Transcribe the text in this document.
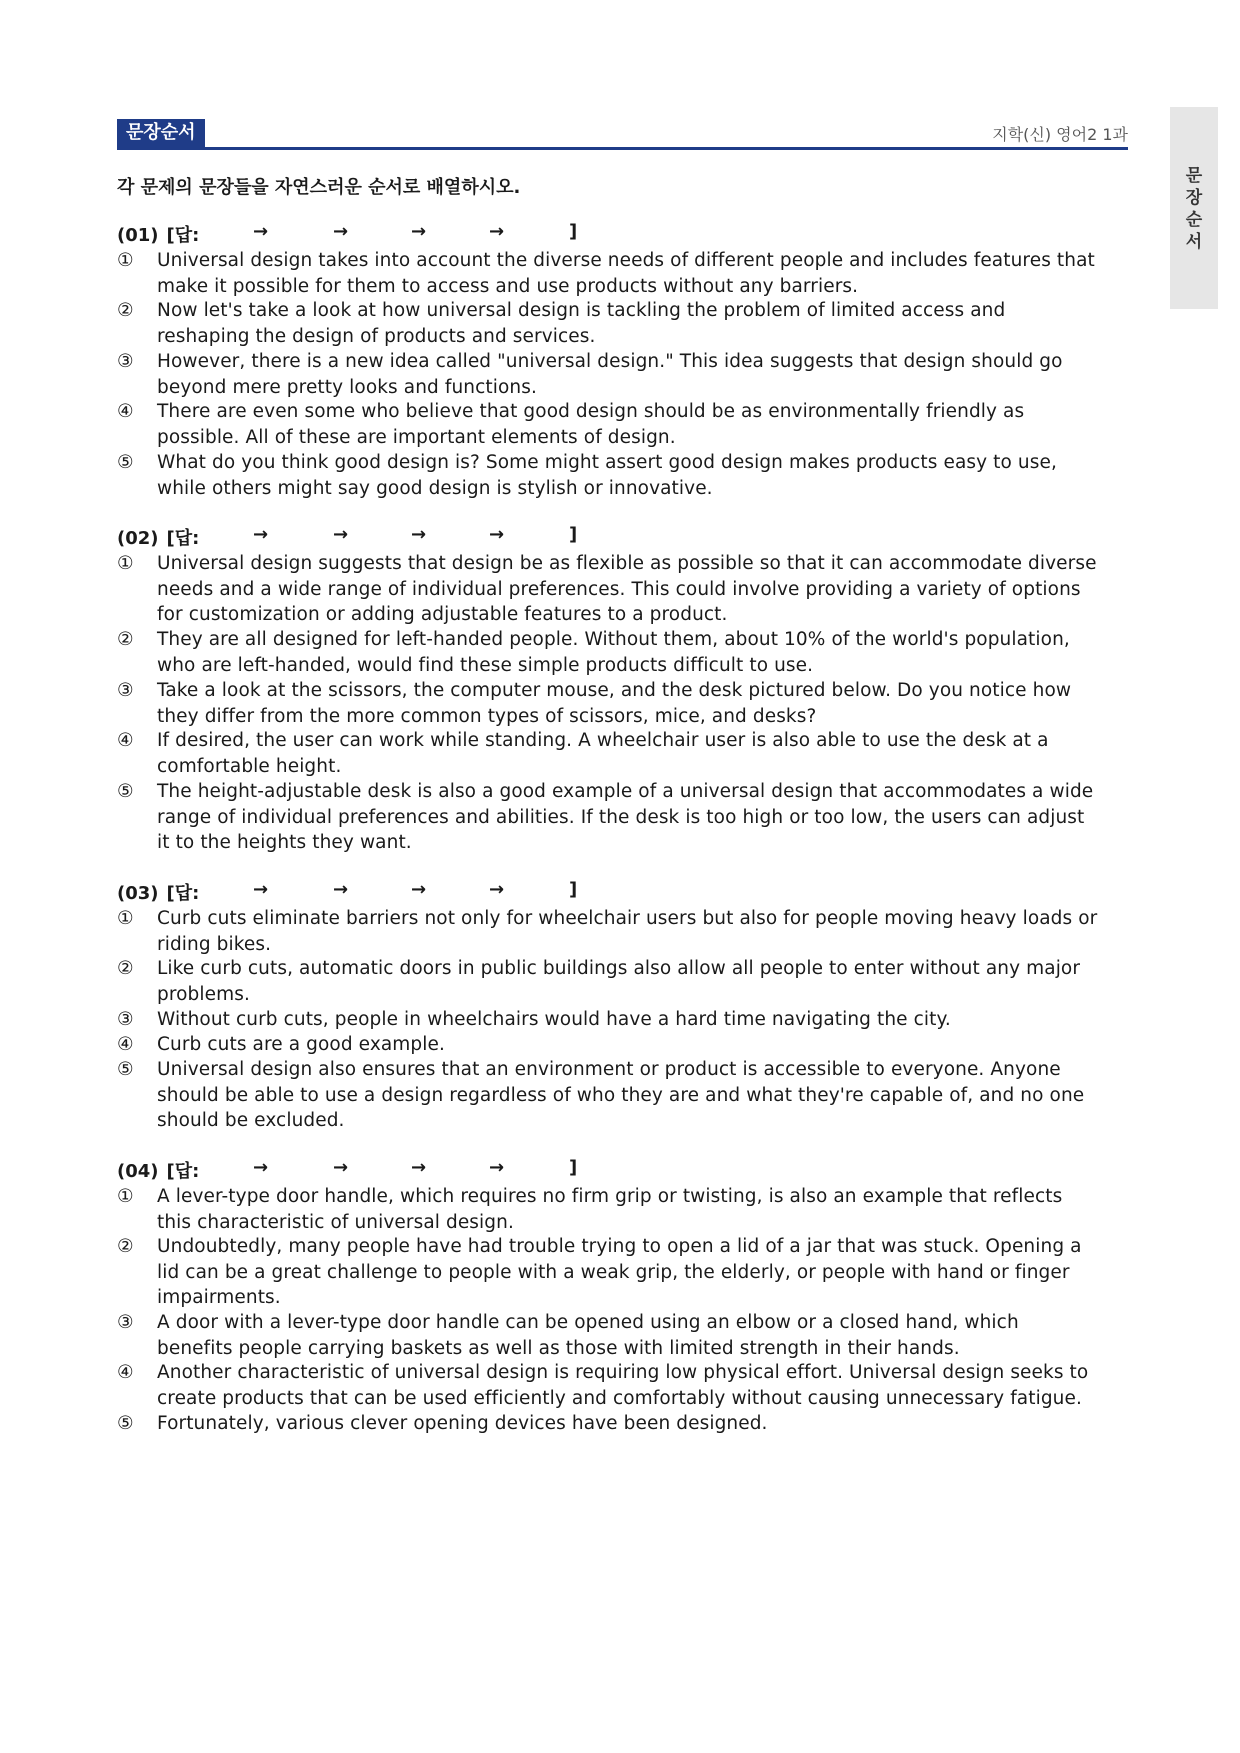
문장순서	지학(신) 영어2 1과
문장순서
각 문제의 문장들을 자연스러운 순서로 배열하시오.
(01) [답:	→	→	→	→	]
①	Universal design takes into account the diverse needs of different people and includes features that
make it possible for them to access and use products without any barriers.
②	Now let's take a look at how universal design is tackling the problem of limited access and
reshaping the design of products and services.
③	However, there is a new idea called "universal design." This idea suggests that design should go
beyond mere pretty looks and functions.
④	There are even some who believe that good design should be as environmentally friendly as
possible. All of these are important elements of design.
⑤	What do you think good design is? Some might assert good design makes products easy to use,
while others might say good design is stylish or innovative.
(02) [답:	→	→	→	→	]
①	Universal design suggests that design be as flexible as possible so that it can accommodate diverse
needs and a wide range of individual preferences. This could involve providing a variety of options
for customization or adding adjustable features to a product.
②	They are all designed for left-handed people. Without them, about 10% of the world's population,
who are left-handed, would find these simple products difficult to use.
③	Take a look at the scissors, the computer mouse, and the desk pictured below. Do you notice how
they differ from the more common types of scissors, mice, and desks?
④	If desired, the user can work while standing. A wheelchair user is also able to use the desk at a
comfortable height.
⑤	The height-adjustable desk is also a good example of a universal design that accommodates a wide
range of individual preferences and abilities. If the desk is too high or too low, the users can adjust
it to the heights they want.
(03) [답:	→	→	→	→	]
①	Curb cuts eliminate barriers not only for wheelchair users but also for people moving heavy loads or
riding bikes.
②	Like curb cuts, automatic doors in public buildings also allow all people to enter without any major
problems.
③	Without curb cuts, people in wheelchairs would have a hard time navigating the city.
④	Curb cuts are a good example.
⑤	Universal design also ensures that an environment or product is accessible to everyone. Anyone
should be able to use a design regardless of who they are and what they're capable of, and no one
should be excluded.
(04) [답:	→	→	→	→	]
①	A lever-type door handle, which requires no firm grip or twisting, is also an example that reflects
this characteristic of universal design.
②	Undoubtedly, many people have had trouble trying to open a lid of a jar that was stuck. Opening a
lid can be a great challenge to people with a weak grip, the elderly, or people with hand or finger
impairments.
③	A door with a lever-type door handle can be opened using an elbow or a closed hand, which
benefits people carrying baskets as well as those with limited strength in their hands.
④	Another characteristic of universal design is requiring low physical effort. Universal design seeks to
create products that can be used efficiently and comfortably without causing unnecessary fatigue.
⑤	Fortunately, various clever opening devices have been designed.
